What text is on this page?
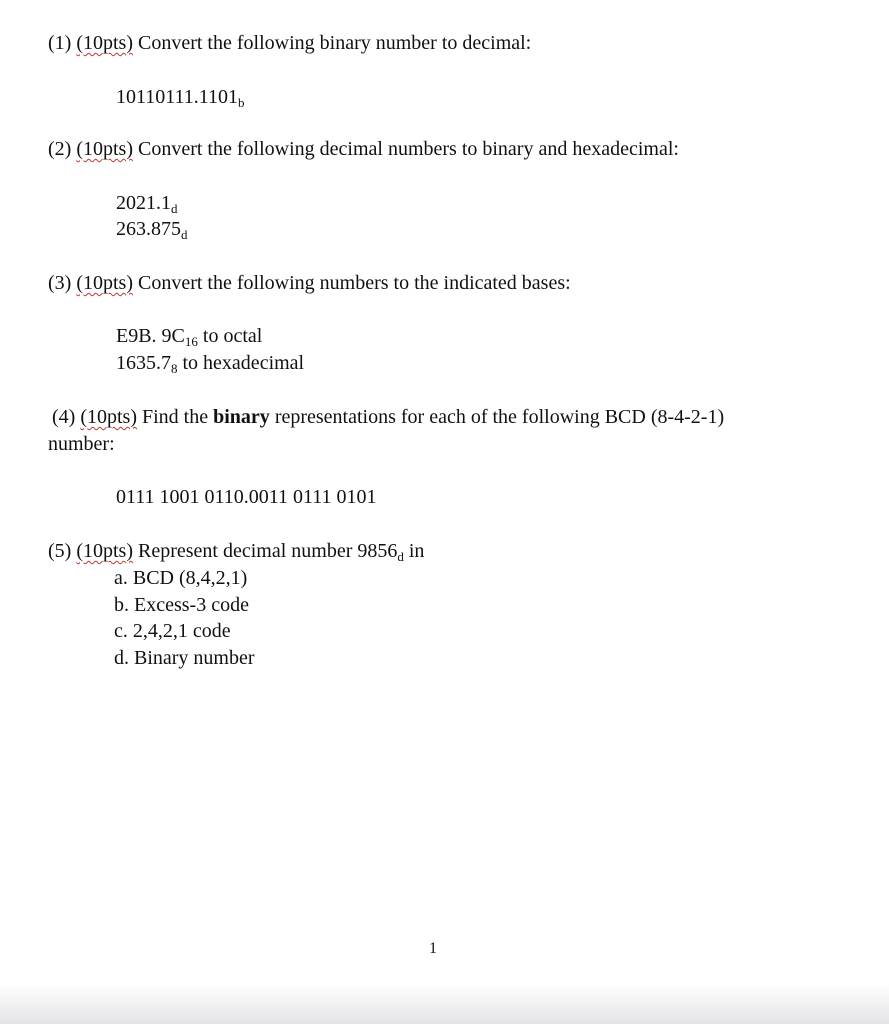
(1) (10pts) Convert the following binary number to decimal:
$10110111.1101_b$
(2) (10pts) Convert the following decimal numbers to binary and hexadecimal:
$2021.1_d$
$263.875_d$
(3) (10pts) Convert the following numbers to the indicated bases:
E9B. $9C_{16}$ to octal
$1635.7_8$ to hexadecimal
(4) (10pts) Find the binary representations for each of the following BCD (8-4-2-1)
number:
0111 1001 0110.0011 0111 0101
(5) (10pts) Represent decimal number $9856_d$ in
a. BCD (8,4,2,1)
b. Excess-3 code
c. 2,4,2,1 code
d. Binary number
1
